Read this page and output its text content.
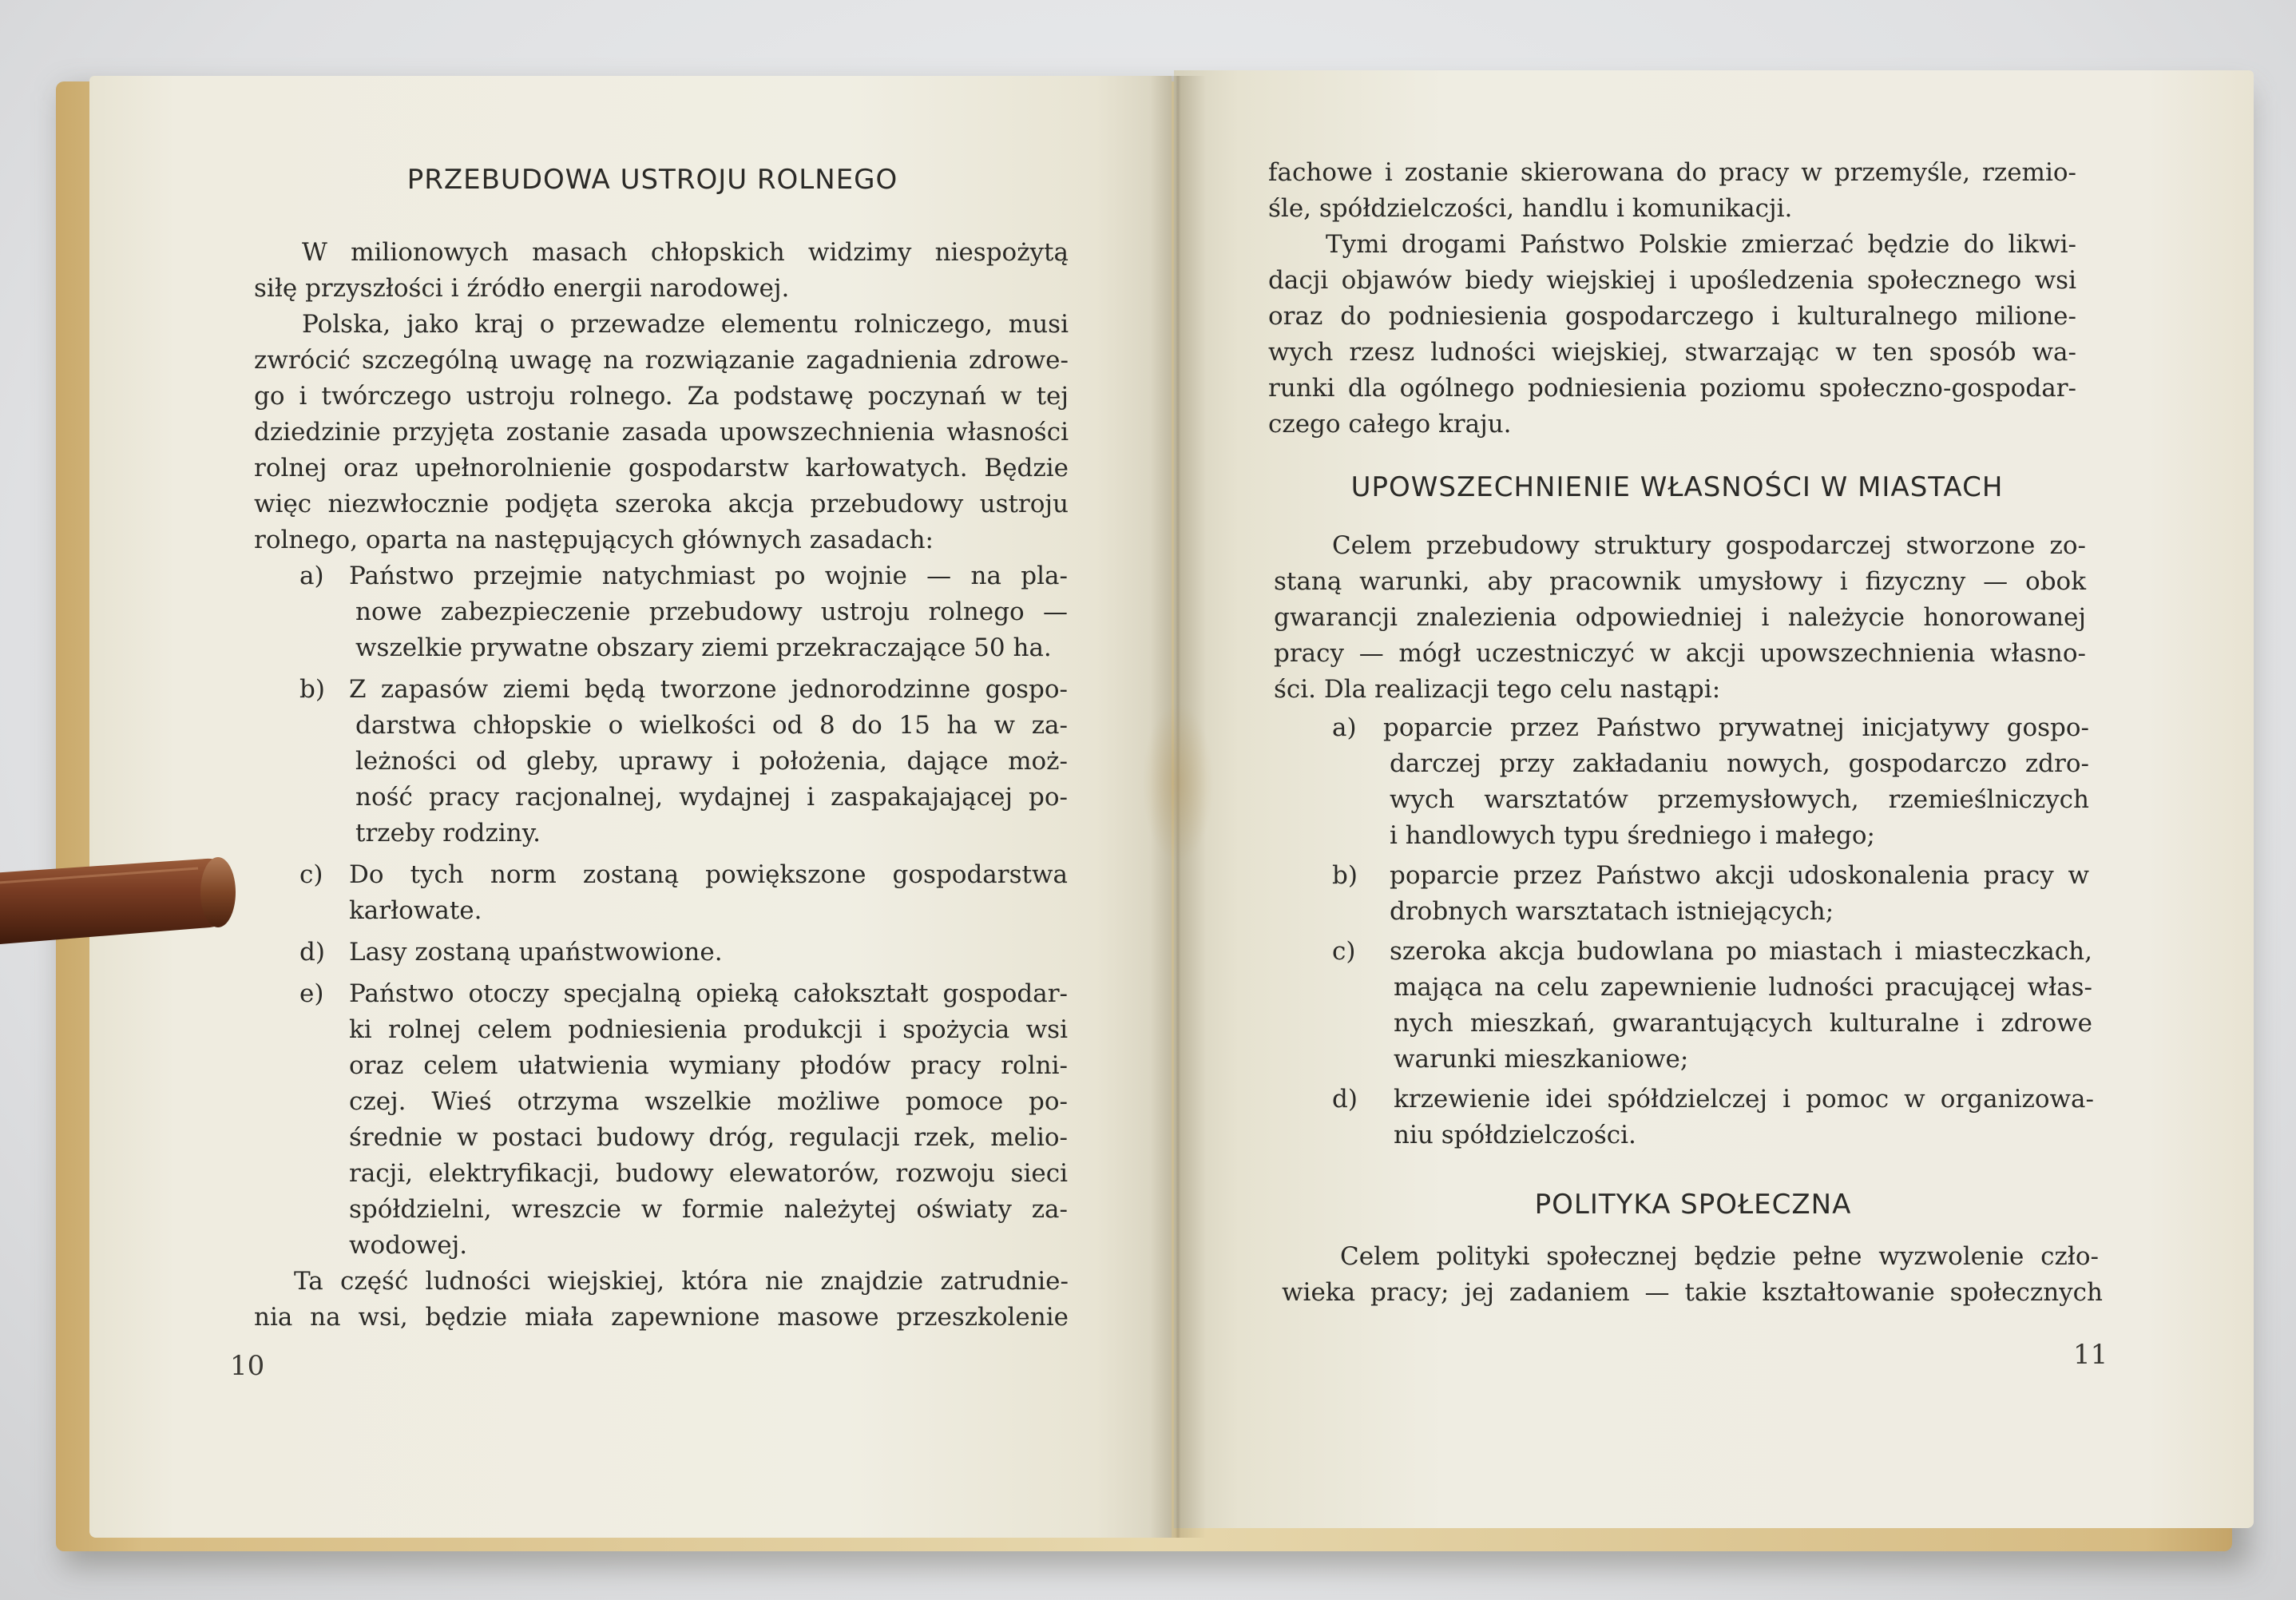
PRZEBUDOWA USTROJU ROLNEGO
W milionowych masach chłopskich widzimy niespożytą
siłę przyszłości i źródło energii narodowej.
Polska, jako kraj o przewadze elementu rolniczego, musi
zwrócić szczególną uwagę na rozwiązanie zagadnienia zdrowe-
go i twórczego ustroju rolnego. Za podstawę poczynań w tej
dziedzinie przyjęta zostanie zasada upowszechnienia własności
rolnej oraz upełnorolnienie gospodarstw karłowatych. Będzie
więc niezwłocznie podjęta szeroka akcja przebudowy ustroju
rolnego, oparta na następujących głównych zasadach:
a) Państwo przejmie natychmiast po wojnie — na pla-
nowe zabezpieczenie przebudowy ustroju rolnego —
wszelkie prywatne obszary ziemi przekraczające 50 ha.
b) Z zapasów ziemi będą tworzone jednorodzinne gospo-
darstwa chłopskie o wielkości od 8 do 15 ha w za-
leżności od gleby, uprawy i położenia, dające moż-
ność pracy racjonalnej, wydajnej i zaspakajającej po-
trzeby rodziny.
c) Do tych norm zostaną powiększone gospodarstwa
karłowate.
d) Lasy zostaną upaństwowione.
e) Państwo otoczy specjalną opieką całokształt gospodar-
ki rolnej celem podniesienia produkcji i spożycia wsi
oraz celem ułatwienia wymiany płodów pracy rolni-
czej. Wieś otrzyma wszelkie możliwe pomoce po-
średnie w postaci budowy dróg, regulacji rzek, melio-
racji, elektryfikacji, budowy elewatorów, rozwoju sieci
spółdzielni, wreszcie w formie należytej oświaty za-
wodowej.
Ta część ludności wiejskiej, która nie znajdzie zatrudnie-
nia na wsi, będzie miała zapewnione masowe przeszkolenie
10
UPOWSZECHNIENIE WŁASNOŚCI W MIASTACH
fachowe i zostanie skierowana do pracy w przemyśle, rzemio-
śle, spółdzielczości, handlu i komunikacji.
Tymi drogami Państwo Polskie zmierzać będzie do likwi-
dacji objawów biedy wiejskiej i upośledzenia społecznego wsi
oraz do podniesienia gospodarczego i kulturalnego milione-
wych rzesz ludności wiejskiej, stwarzając w ten sposób wa-
runki dla ogólnego podniesienia poziomu społeczno-gospodar-
czego całego kraju.
Celem przebudowy struktury gospodarczej stworzone zo-
staną warunki, aby pracownik umysłowy i fizyczny — obok
gwarancji znalezienia odpowiedniej i należycie honorowanej
pracy — mógł uczestniczyć w akcji upowszechnienia własno-
ści. Dla realizacji tego celu nastąpi:
a) poparcie przez Państwo prywatnej inicjatywy gospo-
darczej przy zakładaniu nowych, gospodarczo zdro-
wych warsztatów przemysłowych, rzemieślniczych
i handlowych typu średniego i małego;
b) poparcie przez Państwo akcji udoskonalenia pracy w
drobnych warsztatach istniejących;
c) szeroka akcja budowlana po miastach i miasteczkach,
mająca na celu zapewnienie ludności pracującej włas-
nych mieszkań, gwarantujących kulturalne i zdrowe
warunki mieszkaniowe;
d) krzewienie idei spółdzielczej i pomoc w organizowa-
niu spółdzielczości.
Celem polityki społecznej będzie pełne wyzwolenie czło-
wieka pracy; jej zadaniem — takie kształtowanie społecznych
POLITYKA SPOŁECZNA
11
